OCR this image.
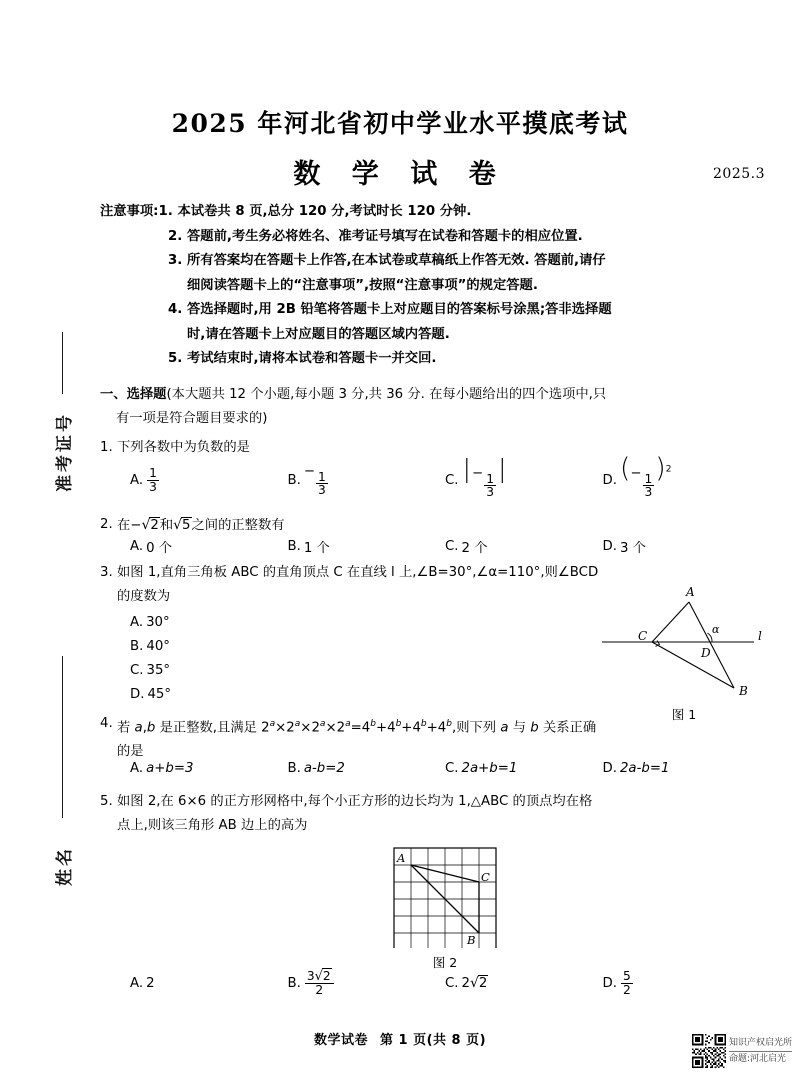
准考证号
姓名
2025 年河北省初中学业水平摸底考试
数 学 试 卷	2025.3
注意事项: 1. 本试卷共 8 页,总分 120 分,考试时长 120 分钟.
2. 答题前,考生务必将姓名、准考证号填写在试卷和答题卡的相应位置.
3. 所有答案均在答题卡上作答,在本试卷或草稿纸上作答无效. 答题前,请仔
细阅读答题卡上的“注意事项”,按照“注意事项”的规定答题.
4. 答选择题时,用 2B 铅笔将答题卡上对应题目的答案标号涂黑;答非选择题
时,请在答题卡上对应题目的答题区域内答题.
5. 考试结束时,请将本试卷和答题卡一并交回.
一、选择题(本大题共 12 个小题,每小题 3 分,共 36 分. 在每小题给出的四个选项中,只
有一项是符合题目要求的)
1. 下列各数中为负数的是
A. $\frac{1}{3}$	B.
− $\frac{1}{3}$	C. |− $\frac{1}{3}$
|	D. (− $\frac{1}{3}$
)$^2$
2. 在−√2和√5之间的正整数有
A. 0 个	B. 1 个	C. 2 个	D. 3 个
3. 如图 1,直角三角板 ABC 的直角顶点 C 在直线 l 上,∠B=30°,∠α=110°,则∠BCD
的度数为
A. 30°
B. 40°
C. 35°
D. 45°
A
C
D
B
α	l
图 1
4. 若 a,b 是正整数,且满足 $2^a\times 2^a\times 2^a\times 2^a=4^b+4^b+4^b+4^b$,则下列 a 与 b 关系正确
的是
A. a+b=3	B. a-b=2	C. 2a+b=1	D. 2a-b=1
5. 如图 2,在 6×6 的正方形网格中,每个小正方形的边长均为 1,△ABC 的顶点均在格
点上,则该三角形 AB 边上的高为
A
C
B
图 2
A. 2	B. $\frac{3√2}{2}$	C. 2√2	D. $\frac{5}{2}$
数学试卷 第 1 页(共 8 页)	知识产权启光所
命题:河北启光
